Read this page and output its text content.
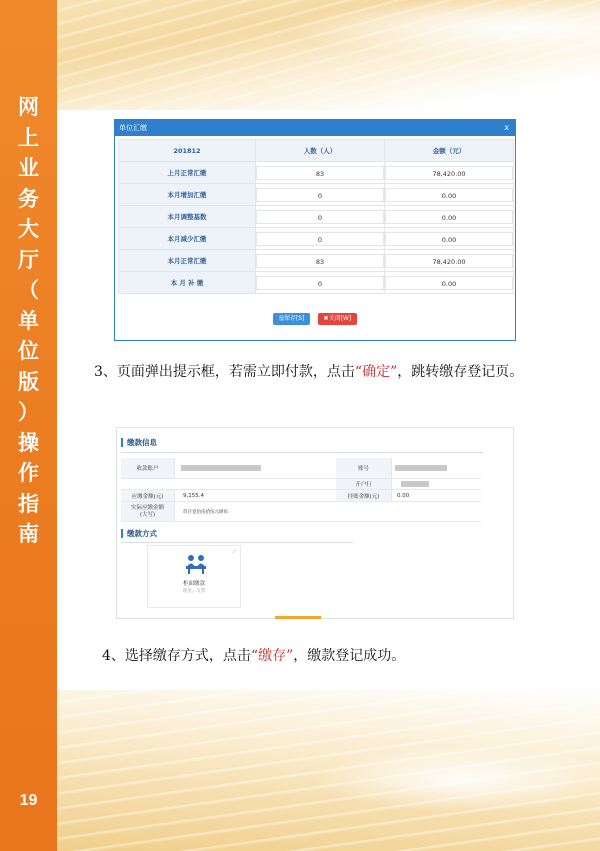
网
上
业
务
大
厅
（
单
位
版
）
操
作
指
南
19
单位汇缴	x
201812	人数（人）	金额（元）
上月正常汇缴	83	78,420.00
本月增加汇缴	0	0.00
本月调整基数	0	0.00
本月减少汇缴	0	0.00
本月正常汇缴	83	78,420.00
本 月 补 缴	0	0.00
🖫保存[S]	✖关闭[W]
3、页面弹出提示框，若需立即付款，点击“确定”，跳转缴存登记页。
缴款信息
收款账户	账号
开户行
应缴金额(元)	9,155.4	挂账金额(元)	0.00
实际应缴金额
(大写)	玖仟壹佰伍拾伍元肆角
缴款方式
✓
柜面缴款
现金、支票
4、选择缴存方式，点击“缴存”，缴款登记成功。
